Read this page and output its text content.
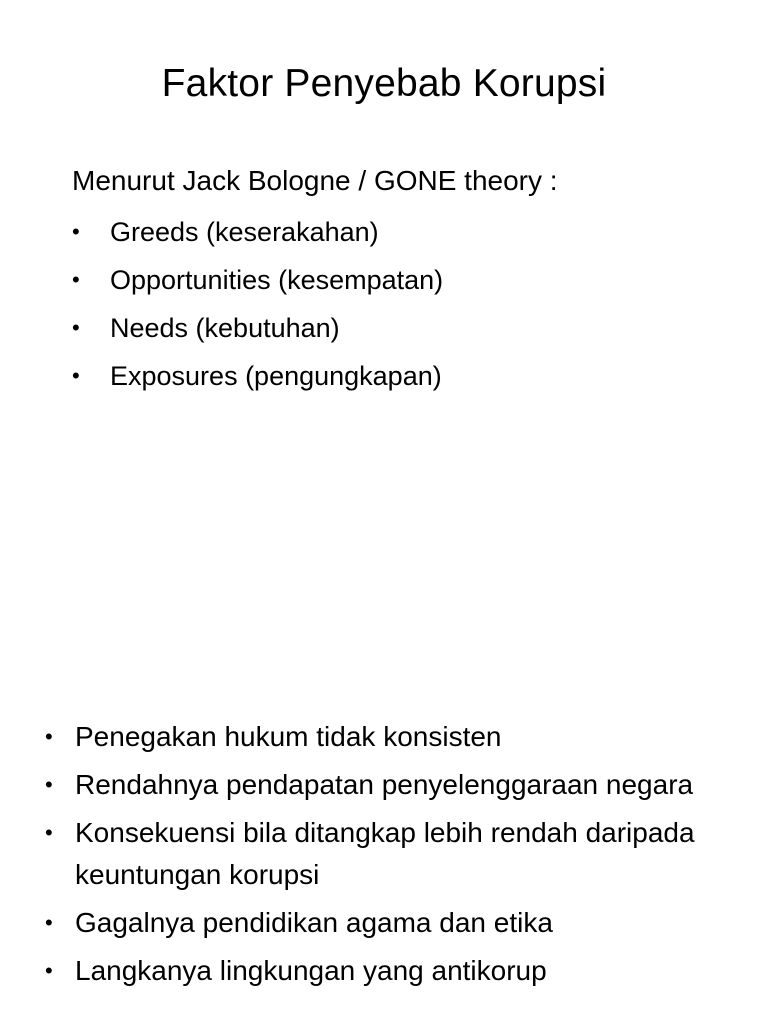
Faktor Penyebab Korupsi
Menurut Jack Bologne / GONE theory :
• Greeds (keserakahan)
• Opportunities (kesempatan)
• Needs (kebutuhan)
• Exposures (pengungkapan)
• Penegakan hukum tidak konsisten
• Rendahnya pendapatan penyelenggaraan negara
• Konsekuensi bila ditangkap lebih rendah daripada keuntungan korupsi
• Gagalnya pendidikan agama dan etika
• Langkanya lingkungan yang antikorup
